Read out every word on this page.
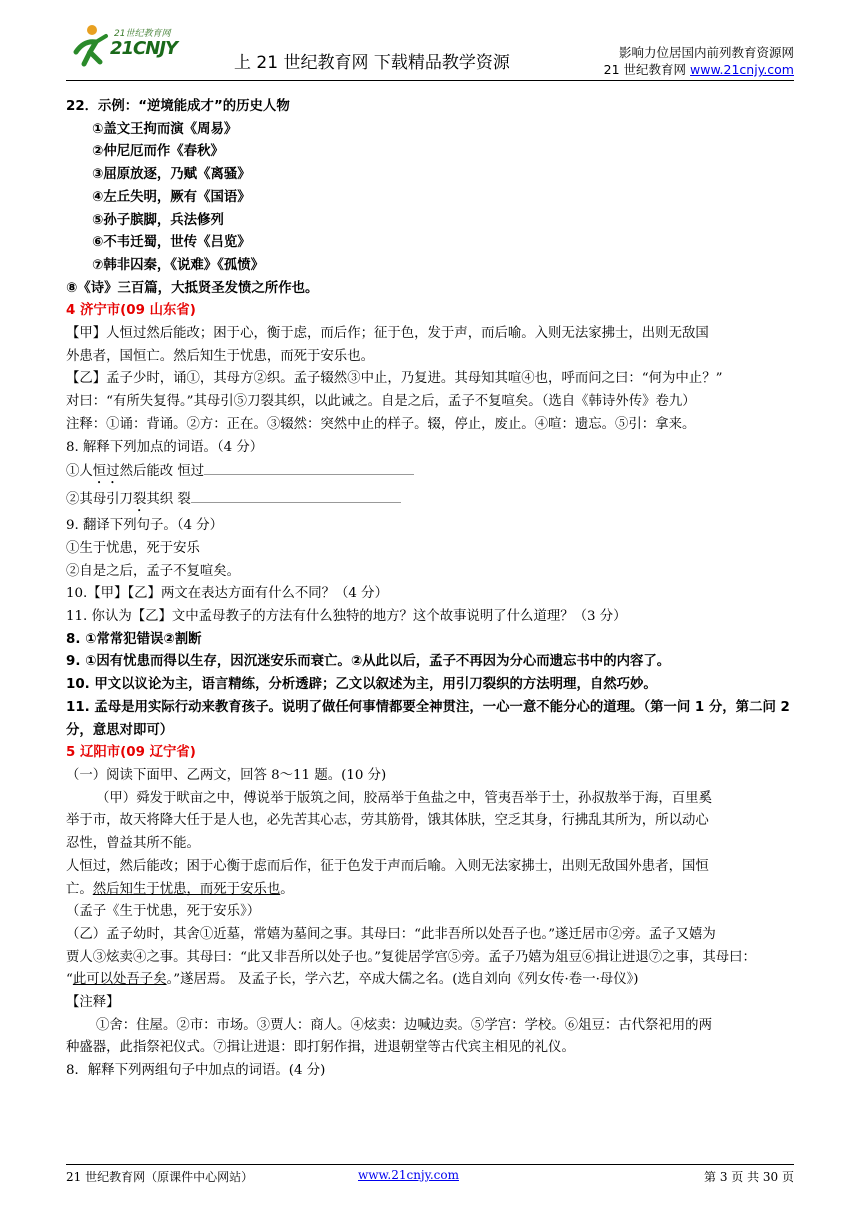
21世纪教育网
21CNJY
上 21 世纪教育网 下载精品教学资源
影响力位居国内前列教育资源网
21 世纪教育网 www.21cnjy.com

22．示例：“逆境能成才”的历史人物

①盖文王拘而演《周易》

②仲尼厄而作《春秋》

③屈原放逐，乃赋《离骚》

④左丘失明，厥有《国语》

⑤孙子膑脚，兵法修列

⑥不韦迁蜀，世传《吕览》

⑦韩非囚秦，《说难》《孤愤》

⑧《诗》三百篇，大抵贤圣发愤之所作也。

4 济宁市(09 山东省)

【甲】人恒过然后能改；困于心，衡于虑，而后作；征于色，发于声，而后喻。入则无法家拂士，出则无敌国

外患者，国恒亡。然后知生于忧患，而死于安乐也。

【乙】孟子少时，诵①，其母方②织。孟子辍然③中止，乃复进。其母知其喧④也，呼而问之曰：“何为中止？”

对曰：“有所失复得。”其母引⑤刀裂其织，以此诫之。自是之后，孟子不复喧矣。（选自《韩诗外传》卷九）

注释：①诵：背诵。②方：正在。③辍然：突然中止的样子。辍，停止，废止。④喧：遗忘。⑤引：拿来。

8. 解释下列加点的词语。（4 分）

①人恒过然后能改 恒过

②其母引刀裂其织 裂

9. 翻译下列句子。（4 分）

①生于忧患，死于安乐

②自是之后，孟子不复喧矣。

10.【甲】【乙】两文在表达方面有什么不同？（4 分）

11. 你认为【乙】文中孟母教子的方法有什么独特的地方？这个故事说明了什么道理？（3 分）

8. ①常常犯错误②割断

9. ①因有忧患而得以生存，因沉迷安乐而衰亡。②从此以后，孟子不再因为分心而遗忘书中的内容了。

10. 甲文以议论为主，语言精练，分析透辟；乙文以叙述为主，用引刀裂织的方法明理，自然巧妙。

11. 孟母是用实际行动来教育孩子。说明了做任何事情都要全神贯注，一心一意不能分心的道理。（第一问 1 分，第二问 2 分，意思对即可）

5 辽阳市(09 辽宁省)

（一）阅读下面甲、乙两文，回答 8～11 题。(10 分)

（甲）舜发于畎亩之中，傅说举于版筑之间，胶鬲举于鱼盐之中，管夷吾举于士，孙叔敖举于海，百里奚

举于市，故天将降大任于是人也，必先苦其心志，劳其筋骨，饿其体肤，空乏其身，行拂乱其所为，所以动心

忍性，曾益其所不能。

人恒过，然后能改；困于心衡于虑而后作，征于色发于声而后喻。入则无法家拂士，出则无敌国外患者，国恒

亡。然后知生于忧患，而死于安乐也。

（孟子《生于忧患，死于安乐》）

（乙）孟子幼时，其舍①近墓，常嬉为墓间之事。其母曰：“此非吾所以处吾子也。”遂迁居市②旁。孟子又嬉为

贾人③炫卖④之事。其母曰：“此又非吾所以处子也。”复徙居学宫⑤旁。孟子乃嬉为俎豆⑥揖让进退⑦之事，其母曰：

“此可以处吾子矣。”遂居焉。 及孟子长，学六艺，卒成大儒之名。(选自刘向《列女传·卷一·母仪》)

【注释】

①舍：住屋。②市：市场。③贾人：商人。④炫卖：边喊边卖。⑤学宫：学校。⑥俎豆：古代祭祀用的两

种盛器，此指祭祀仪式。⑦揖让进退：即打躬作揖，进退朝堂等古代宾主相见的礼仪。

8．解释下列两组句子中加点的词语。(4 分)

21 世纪教育网（原课件中心网站）	www.21cnjy.com	第 3 页 共 30 页
